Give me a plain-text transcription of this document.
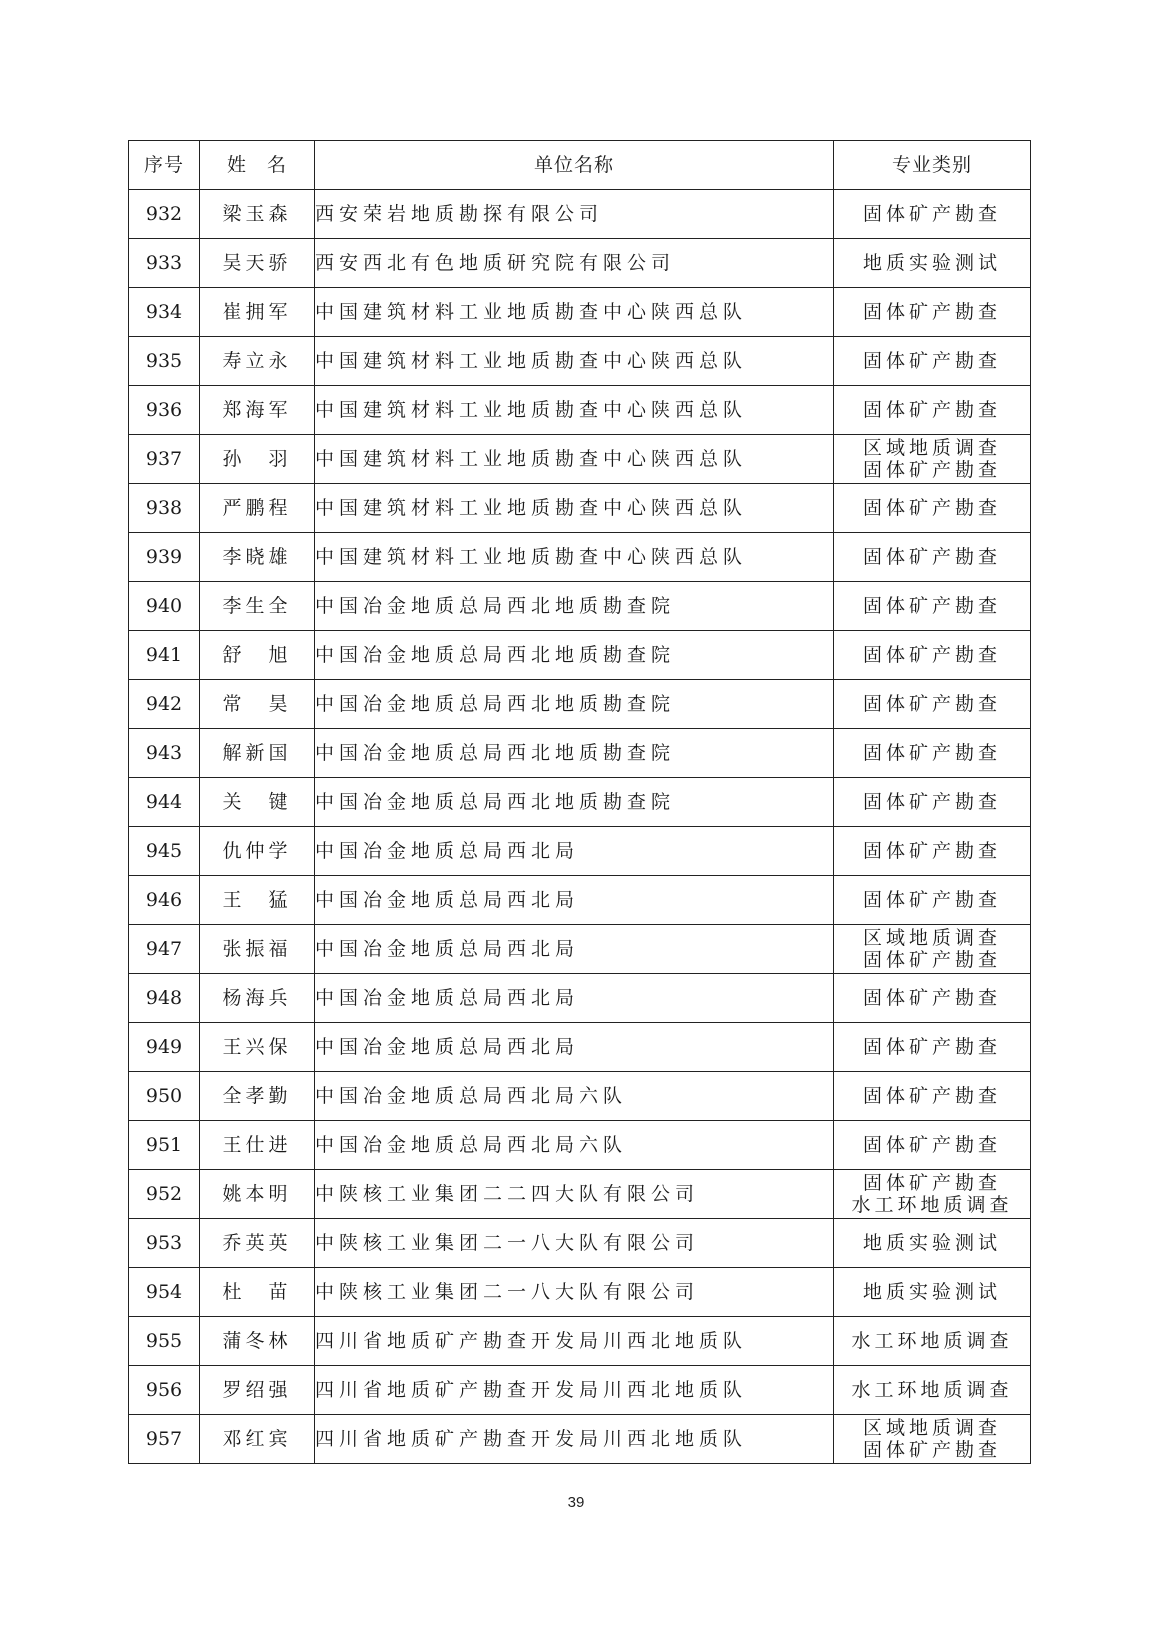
序号	姓　名	单位名称	专业类别
932	梁玉森	西安荣岩地质勘探有限公司	固体矿产勘查

933	吴天骄	西安西北有色地质研究院有限公司	地质实验测试

934	崔拥军	中国建筑材料工业地质勘查中心陕西总队	固体矿产勘查

935	寿立永	中国建筑材料工业地质勘查中心陕西总队	固体矿产勘查

936	郑海军	中国建筑材料工业地质勘查中心陕西总队	固体矿产勘查

937	孙　羽	中国建筑材料工业地质勘查中心陕西总队	区域地质调查
固体矿产勘查

938	严鹏程	中国建筑材料工业地质勘查中心陕西总队	固体矿产勘查

939	李晓雄	中国建筑材料工业地质勘查中心陕西总队	固体矿产勘查

940	李生全	中国冶金地质总局西北地质勘查院	固体矿产勘查

941	舒　旭	中国冶金地质总局西北地质勘查院	固体矿产勘查

942	常　昊	中国冶金地质总局西北地质勘查院	固体矿产勘查

943	解新国	中国冶金地质总局西北地质勘查院	固体矿产勘查

944	关　键	中国冶金地质总局西北地质勘查院	固体矿产勘查

945	仇仲学	中国冶金地质总局西北局	固体矿产勘查

946	王　猛	中国冶金地质总局西北局	固体矿产勘查

947	张振福	中国冶金地质总局西北局	区域地质调查
固体矿产勘查

948	杨海兵	中国冶金地质总局西北局	固体矿产勘查

949	王兴保	中国冶金地质总局西北局	固体矿产勘查

950	全孝勤	中国冶金地质总局西北局六队	固体矿产勘查

951	王仕进	中国冶金地质总局西北局六队	固体矿产勘查

952	姚本明	中陕核工业集团二二四大队有限公司	固体矿产勘查
水工环地质调查

953	乔英英	中陕核工业集团二一八大队有限公司	地质实验测试

954	杜　苗	中陕核工业集团二一八大队有限公司	地质实验测试

955	蒲冬林	四川省地质矿产勘查开发局川西北地质队	水工环地质调查

956	罗绍强	四川省地质矿产勘查开发局川西北地质队	水工环地质调查

957	邓红宾	四川省地质矿产勘查开发局川西北地质队	区域地质调查
固体矿产勘查
39
